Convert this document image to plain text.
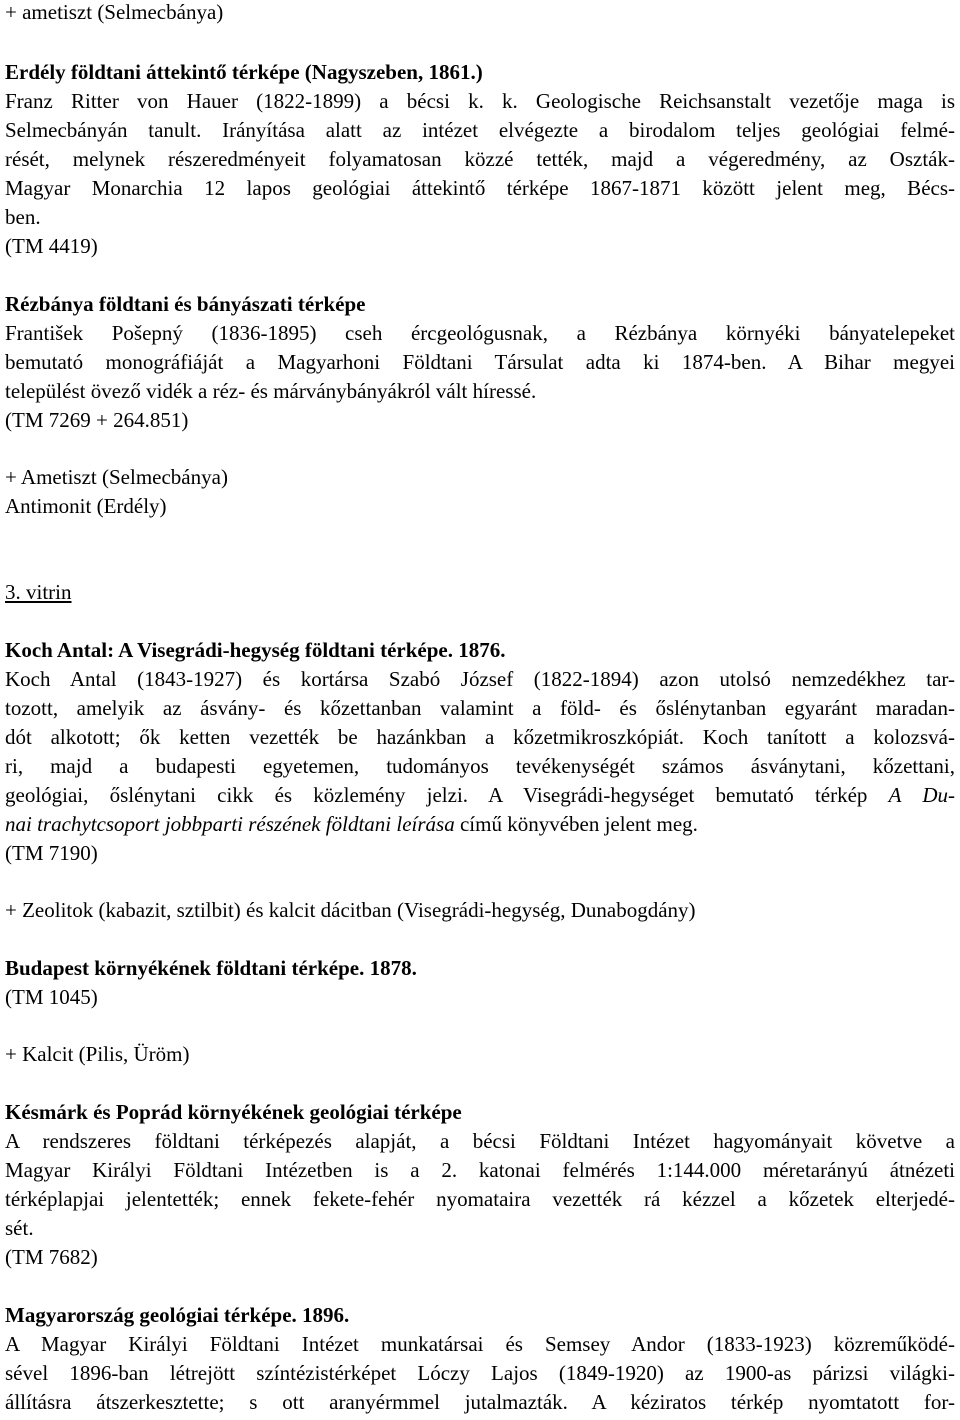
+ ametiszt (Selmecbánya)
Erdély földtani áttekintő térképe (Nagyszeben, 1861.)
Franz Ritter von Hauer (1822-1899) a bécsi k. k. Geologische Reichsanstalt vezetője maga is
Selmecbányán tanult. Irányítása alatt az intézet elvégezte a birodalom teljes geológiai felmé-
rését, melynek részeredményeit folyamatosan közzé tették, majd a végeredmény, az Oszták-
Magyar Monarchia 12 lapos geológiai áttekintő térképe 1867-1871 között jelent meg, Bécs-
ben.
(TM 4419)
Rézbánya földtani és bányászati térképe
František Pošepný (1836-1895) cseh ércgeológusnak, a Rézbánya környéki bányatelepeket
bemutató monográfiáját a Magyarhoni Földtani Társulat adta ki 1874-ben. A Bihar megyei
települést övező vidék a réz- és márványbányákról vált híressé.
(TM 7269 + 264.851)
+ Ametiszt (Selmecbánya)
Antimonit (Erdély)
3. vitrin
Koch Antal: A Visegrádi-hegység földtani térképe. 1876.
Koch Antal (1843-1927) és kortársa Szabó József (1822-1894) azon utolsó nemzedékhez tar-
tozott, amelyik az ásvány- és kőzettanban valamint a föld- és őslénytanban egyaránt maradan-
dót alkotott; ők ketten vezették be hazánkban a kőzetmikroszkópiát. Koch tanított a kolozsvá-
ri, majd a budapesti egyetemen, tudományos tevékenységét számos ásványtani, kőzettani,
geológiai, őslénytani cikk és közlemény jelzi. A Visegrádi-hegységet bemutató térkép A Du-
nai trachytcsoport jobbparti részének földtani leírása című könyvében jelent meg.
(TM 7190)
+ Zeolitok (kabazit, sztilbit) és kalcit dácitban (Visegrádi-hegység, Dunabogdány)
Budapest környékének földtani térképe. 1878.
(TM 1045)
+ Kalcit (Pilis, Üröm)
Késmárk és Poprád környékének geológiai térképe
A rendszeres földtani térképezés alapját, a bécsi Földtani Intézet hagyományait követve a
Magyar Királyi Földtani Intézetben is a 2. katonai felmérés 1:144.000 méretarányú átnézeti
térképlapjai jelentették; ennek fekete-fehér nyomataira vezették rá kézzel a kőzetek elterjedé-
sét.
(TM 7682)
Magyarország geológiai térképe. 1896.
A Magyar Királyi Földtani Intézet munkatársai és Semsey Andor (1833-1923) közreműködé-
sével 1896-ban létrejött színtézistérképet Lóczy Lajos (1849-1920) az 1900-as párizsi világki-
állításra átszerkesztette; s ott aranyérmmel jutalmazták. A kéziratos térkép nyomtatott for-
